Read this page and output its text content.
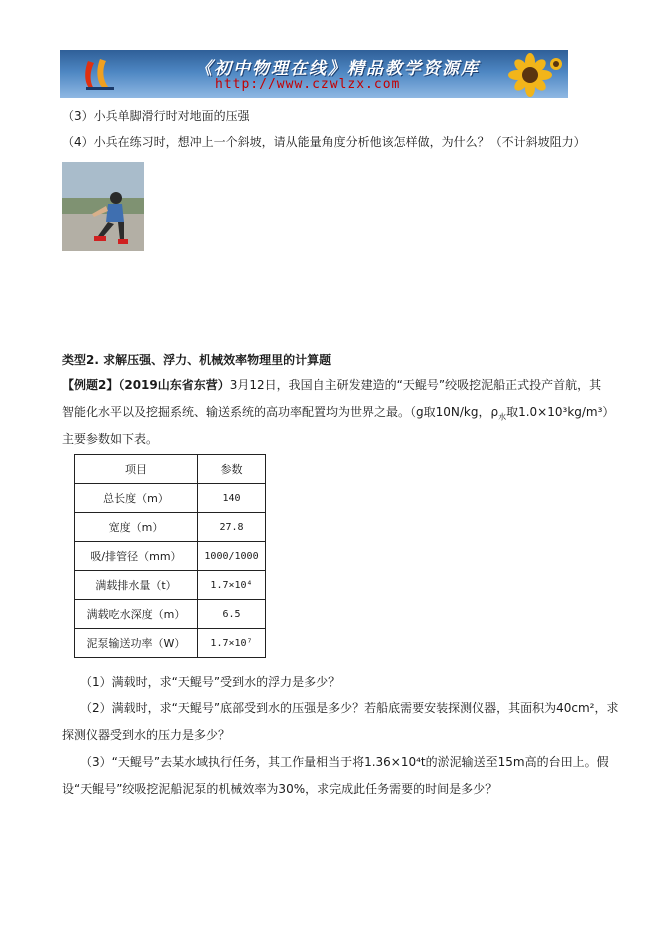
《初中物理在线》精品教学资源库
http://www.czwlzx.com
（3）小兵单脚滑行时对地面的压强
（4）小兵在练习时，想冲上一个斜坡，请从能量角度分析他该怎样做，为什么？（不计斜坡阻力）
类型2. 求解压强、浮力、机械效率物理里的计算题
【例题2】（2019山东省东营）3月12日，我国自主研发建造的“天鲲号”绞吸挖泥船正式投产首航，其
智能化水平以及挖掘系统、输送系统的高功率配置均为世界之最。（g取10N/kg，$\rho_水$取1.0×10³kg/m³）
主要参数如下表。
项目	参数
总长度（m）	140
宽度（m）	27.8
吸/排管径（mm）	1000/1000
满载排水量（t）	1.7×10⁴
满载吃水深度（m）	6.5
泥泵输送功率（W）	1.7×10⁷
（1）满载时，求“天鲲号”受到水的浮力是多少？
（2）满载时，求“天鲲号”底部受到水的压强是多少？若船底需要安装探测仪器，其面积为40cm²，求
探测仪器受到水的压力是多少？
（3）“天鲲号”去某水域执行任务，其工作量相当于将1.36×10⁴t的淤泥输送至15m高的台田上。假
设“天鲲号”绞吸挖泥船泥泵的机械效率为30%，求完成此任务需要的时间是多少？
